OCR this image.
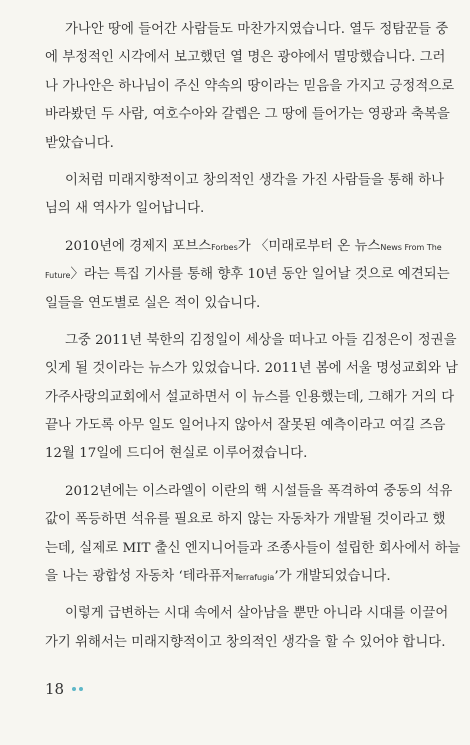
가나안 땅에 들어간 사람들도 마찬가지였습니다. 열두 정탐꾼들 중
에 부정적인 시각에서 보고했던 열 명은 광야에서 멸망했습니다. 그러
나 가나안은 하나님이 주신 약속의 땅이라는 믿음을 가지고 긍정적으로
바라봤던 두 사람, 여호수아와 갈렙은 그 땅에 들어가는 영광과 축복을
받았습니다.
이처럼 미래지향적이고 창의적인 생각을 가진 사람들을 통해 하나
님의 새 역사가 일어납니다.
2010년에 경제지 포브스Forbes가 〈미래로부터 온 뉴스News From The
Future〉라는 특집 기사를 통해 향후 10년 동안 일어날 것으로 예견되는
일들을 연도별로 실은 적이 있습니다.
그중 2011년 북한의 김정일이 세상을 떠나고 아들 김정은이 정권을
잇게 될 것이라는 뉴스가 있었습니다. 2011년 봄에 서울 명성교회와 남
가주사랑의교회에서 설교하면서 이 뉴스를 인용했는데, 그해가 거의 다
끝나 가도록 아무 일도 일어나지 않아서 잘못된 예측이라고 여길 즈음
12월 17일에 드디어 현실로 이루어졌습니다.
2012년에는 이스라엘이 이란의 핵 시설들을 폭격하여 중동의 석유
값이 폭등하면 석유를 필요로 하지 않는 자동차가 개발될 것이라고 했
는데, 실제로 MIT 출신 엔지니어들과 조종사들이 설립한 회사에서 하늘
을 나는 광합성 자동차 ‘테라퓨저Terrafugia’가 개발되었습니다.
이렇게 급변하는 시대 속에서 살아남을 뿐만 아니라 시대를 이끌어
가기 위해서는 미래지향적이고 창의적인 생각을 할 수 있어야 합니다.
18
